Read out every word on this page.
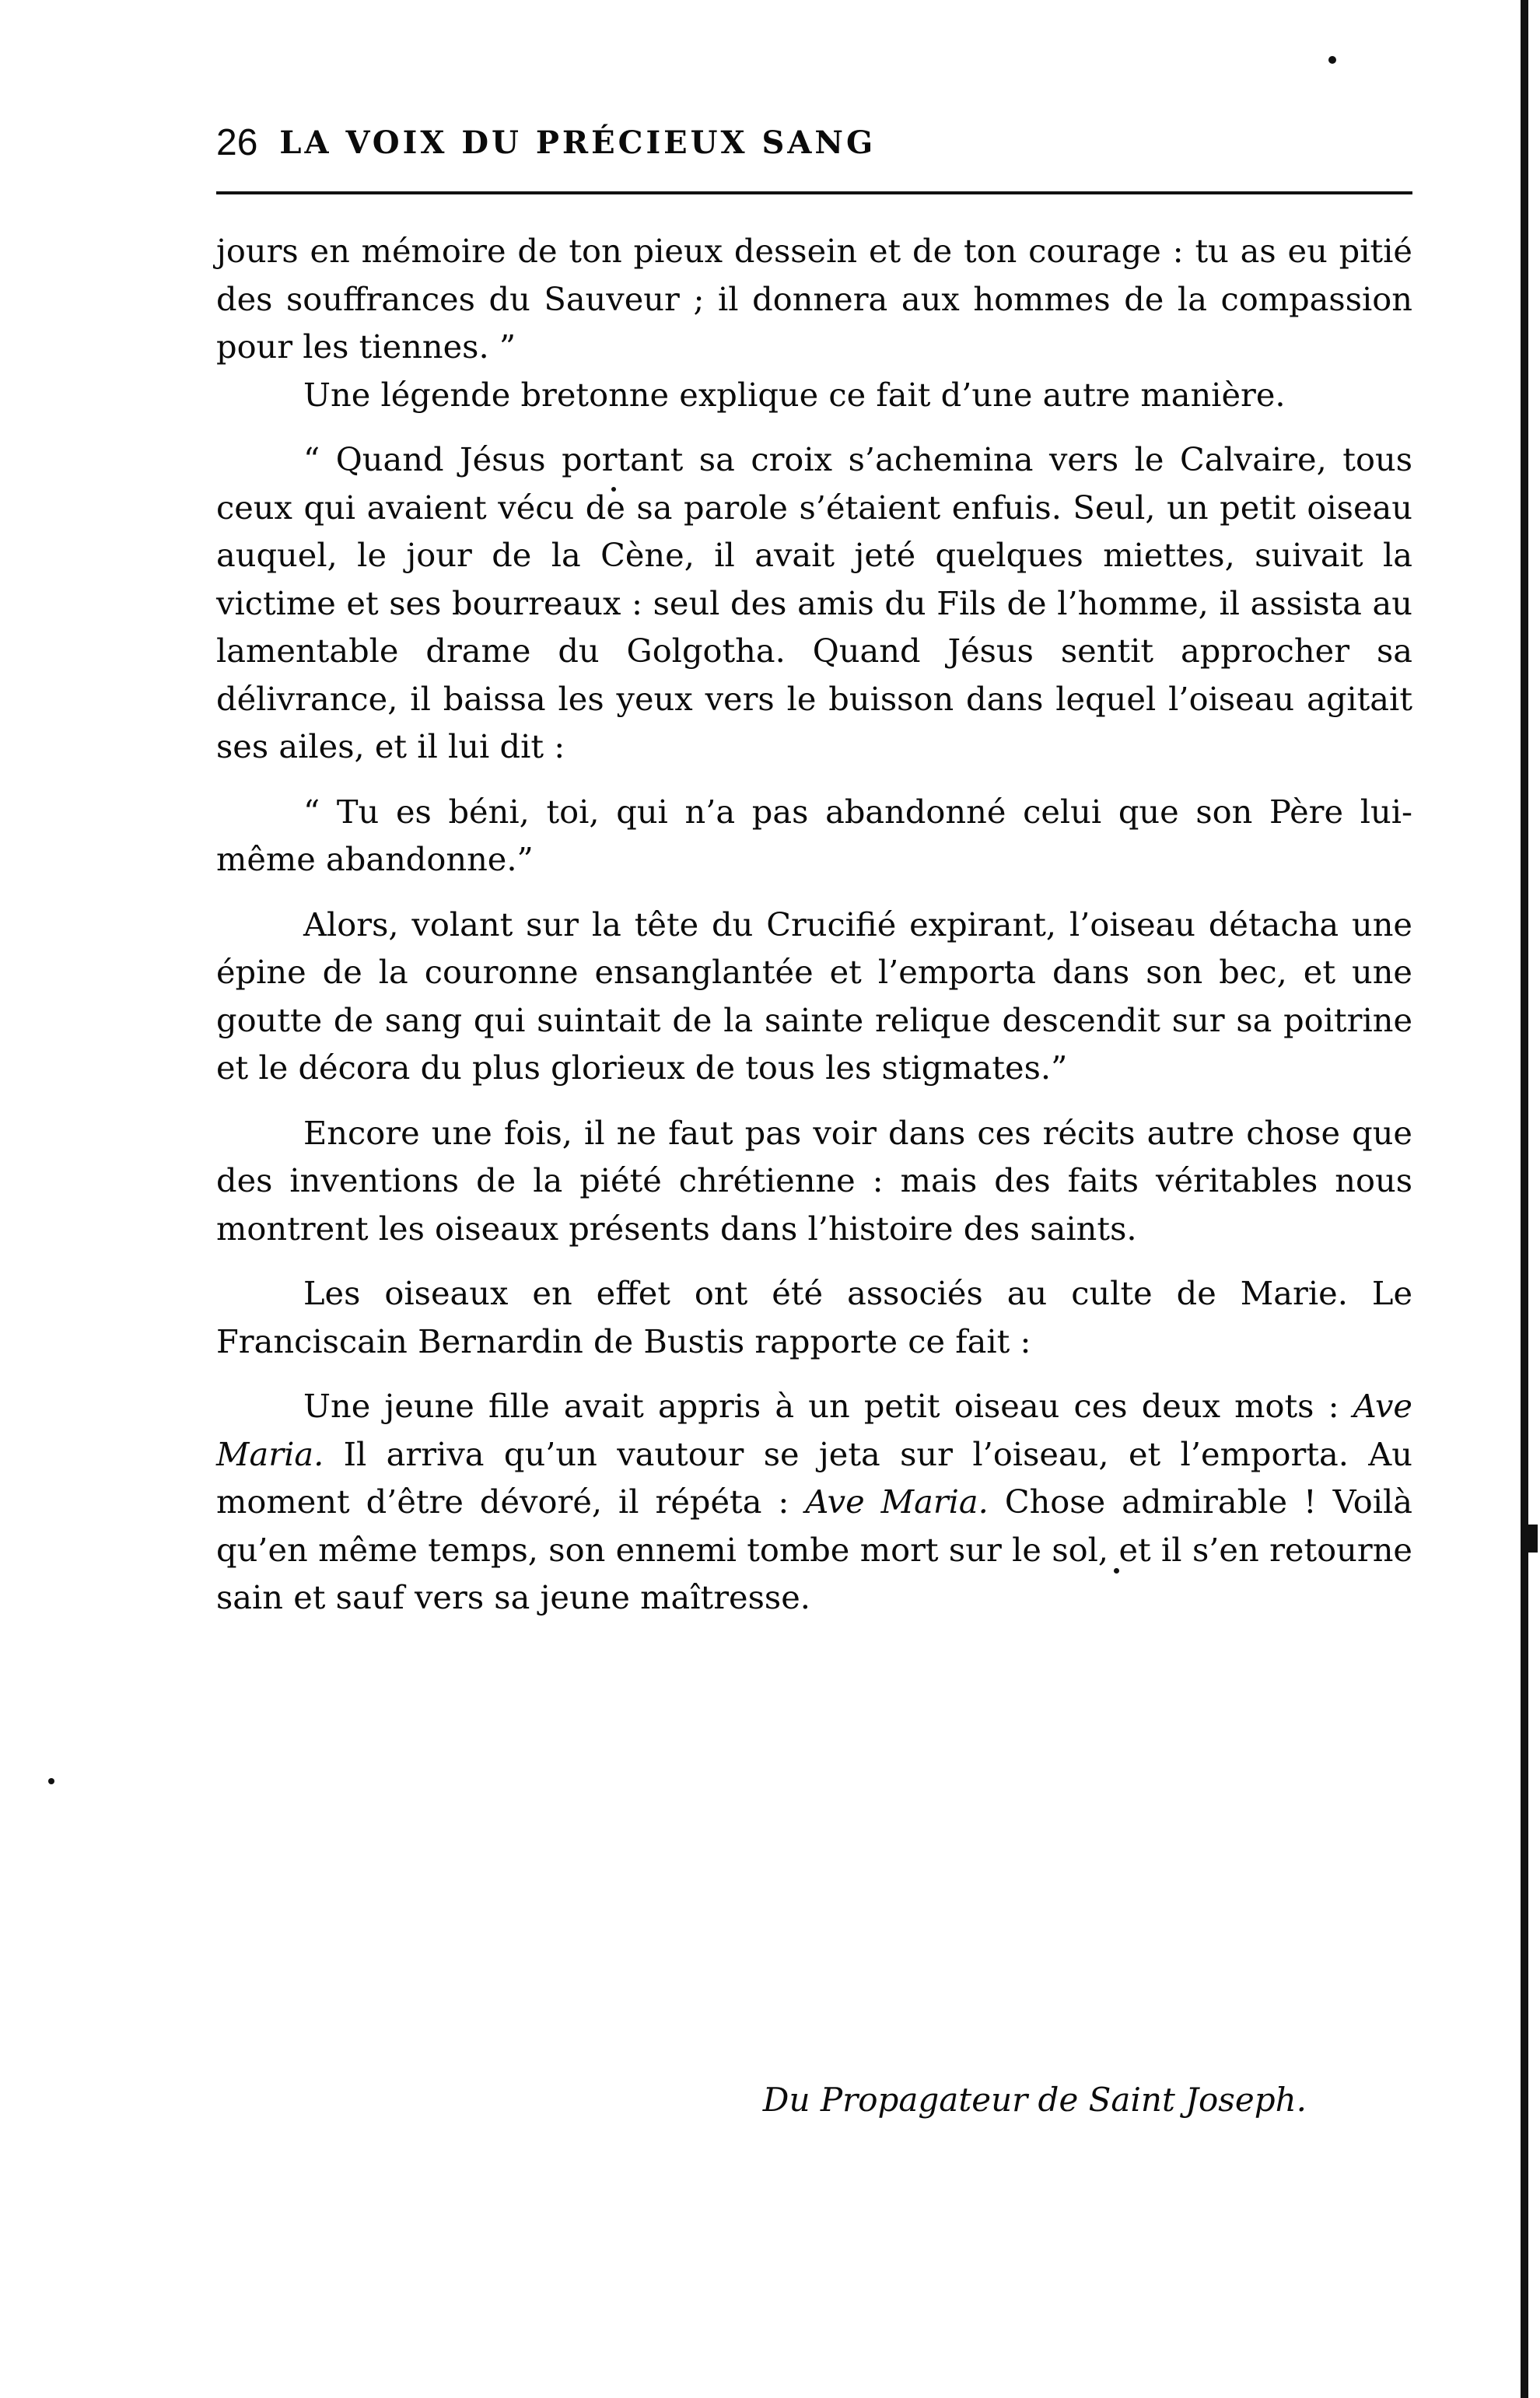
26 LA VOIX DU PRÉCIEUX SANG

jours en mémoire de ton pieux dessein et de ton courage : tu as eu pitié des souffrances du Sauveur ; il donnera aux hommes de la compassion pour les tiennes. ”

Une légende bretonne explique ce fait d’une autre manière.

“ Quand Jésus portant sa croix s’achemina vers le Calvaire, tous ceux qui avaient vécu de sa parole s’étaient enfuis. Seul, un petit oiseau auquel, le jour de la Cène, il avait jeté quelques miettes, suivait la victime et ses bourreaux : seul des amis du Fils de l’homme, il assista au lamentable drame du Golgotha. Quand Jésus sentit approcher sa délivrance, il baissa les yeux vers le buisson dans lequel l’oiseau agitait ses ailes, et il lui dit :

“ Tu es béni, toi, qui n’a pas abandonné celui que son Père lui-même abandonne.”

Alors, volant sur la tête du Crucifié expirant, l’oiseau détacha une épine de la couronne ensanglantée et l’emporta dans son bec, et une goutte de sang qui suintait de la sainte relique descendit sur sa poitrine et le décora du plus glorieux de tous les stigmates.”

Encore une fois, il ne faut pas voir dans ces récits autre chose que des inventions de la piété chrétienne : mais des faits véritables nous montrent les oiseaux présents dans l’histoire des saints.

Les oiseaux en effet ont été associés au culte de Marie. Le Franciscain Bernardin de Bustis rapporte ce fait :

Une jeune fille avait appris à un petit oiseau ces deux mots : Ave Maria. Il arriva qu’un vautour se jeta sur l’oiseau, et l’emporta. Au moment d’être dévoré, il répéta : Ave Maria. Chose admirable ! Voilà qu’en même temps, son ennemi tombe mort sur le sol, et il s’en retourne sain et sauf vers sa jeune maîtresse.

Du Propagateur de Saint Joseph.
